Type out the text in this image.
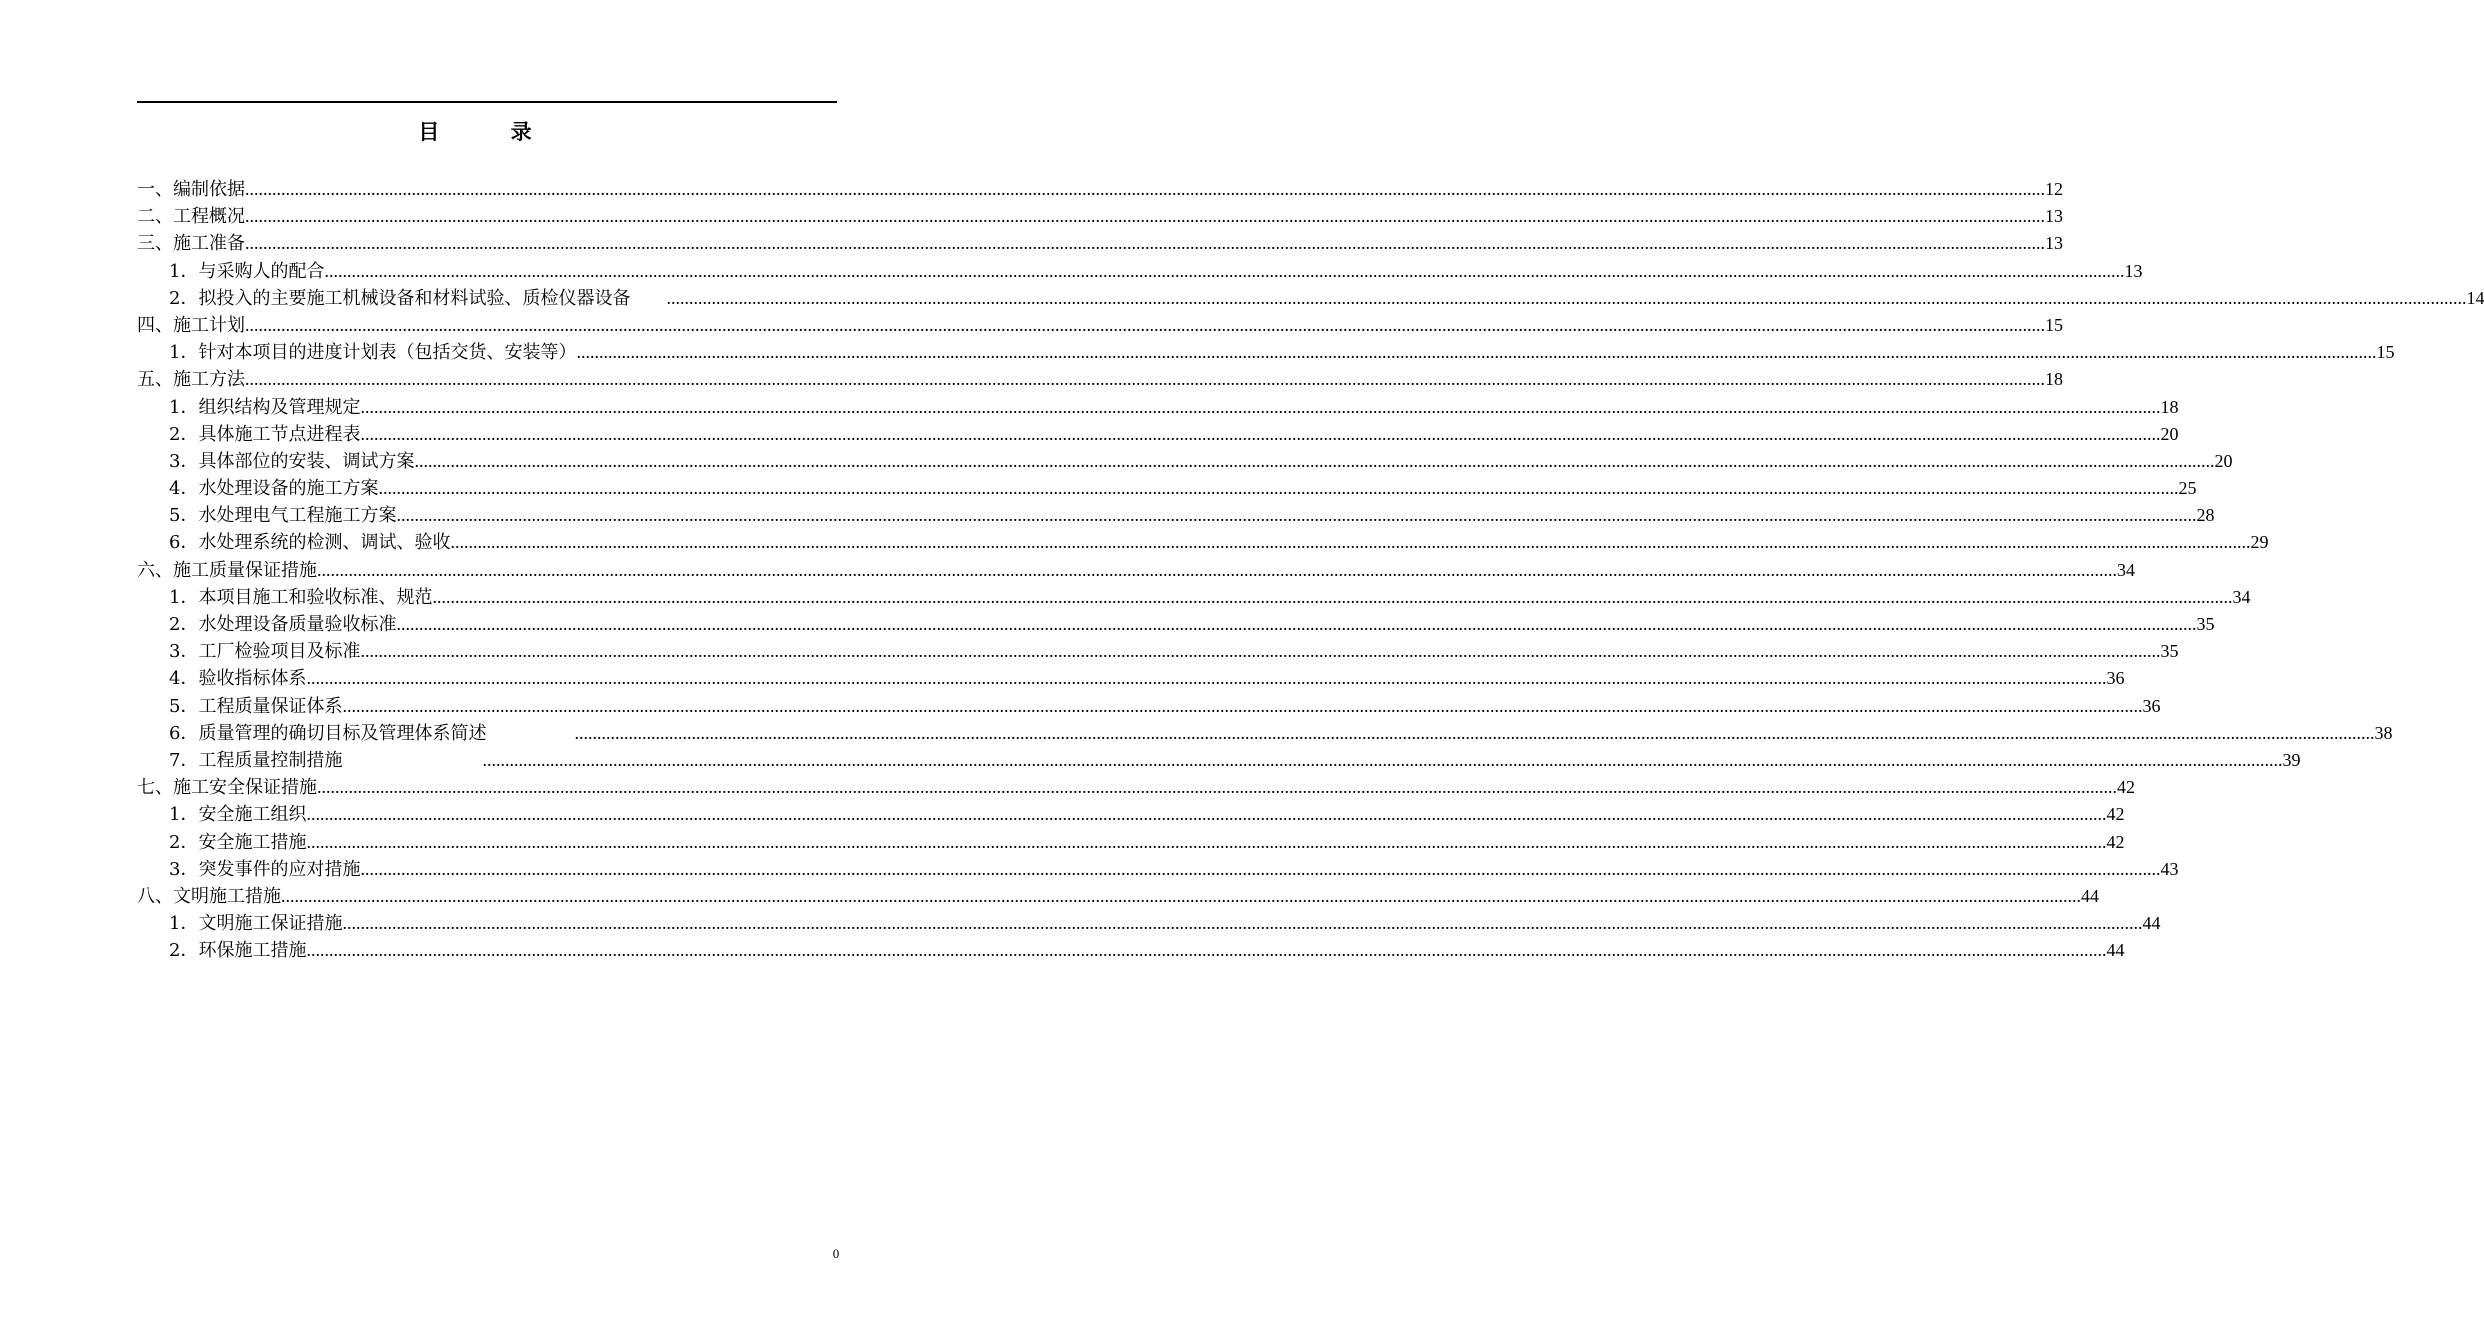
目 录
一、编制依据 ................................................................................................................................................................................................................................................................................................................................................................................................................ 12
二、工程概况 ................................................................................................................................................................................................................................................................................................................................................................................................................ 13
三、施工准备 ................................................................................................................................................................................................................................................................................................................................................................................................................ 13
1．与采购人的配合 ................................................................................................................................................................................................................................................................................................................................................................................................................ 13
2．拟投入的主要施工机械设备和材料试验、质检仪器设备 ................................................................................................................................................................................................................................................................................................................................................................................................................ 14
四、施工计划 ................................................................................................................................................................................................................................................................................................................................................................................................................ 15
1．针对本项目的进度计划表（包括交货、安装等） ................................................................................................................................................................................................................................................................................................................................................................................................................ 15
五、施工方法 ................................................................................................................................................................................................................................................................................................................................................................................................................ 18
1．组织结构及管理规定 ................................................................................................................................................................................................................................................................................................................................................................................................................ 18
2．具体施工节点进程表 ................................................................................................................................................................................................................................................................................................................................................................................................................ 20
3．具体部位的安装、调试方案 ................................................................................................................................................................................................................................................................................................................................................................................................................ 20
4．水处理设备的施工方案 ................................................................................................................................................................................................................................................................................................................................................................................................................ 25
5．水处理电气工程施工方案 ................................................................................................................................................................................................................................................................................................................................................................................................................ 28
6．水处理系统的检测、调试、验收 ................................................................................................................................................................................................................................................................................................................................................................................................................ 29
六、施工质量保证措施 ................................................................................................................................................................................................................................................................................................................................................................................................................ 34
1．本项目施工和验收标准、规范 ................................................................................................................................................................................................................................................................................................................................................................................................................ 34
2．水处理设备质量验收标准 ................................................................................................................................................................................................................................................................................................................................................................................................................ 35
3．工厂检验项目及标准 ................................................................................................................................................................................................................................................................................................................................................................................................................ 35
4．验收指标体系 ................................................................................................................................................................................................................................................................................................................................................................................................................ 36
5．工程质量保证体系 ................................................................................................................................................................................................................................................................................................................................................................................................................ 36
6．质量管理的确切目标及管理体系简述	................................................................................................................................................................................................................................................................................................................................................................................................................ 38
7．工程质量控制措施	................................................................................................................................................................................................................................................................................................................................................................................................................ 39
七、施工安全保证措施 ................................................................................................................................................................................................................................................................................................................................................................................................................ 42
1．安全施工组织 ................................................................................................................................................................................................................................................................................................................................................................................................................ 42
2．安全施工措施 ................................................................................................................................................................................................................................................................................................................................................................................................................ 42
3．突发事件的应对措施 ................................................................................................................................................................................................................................................................................................................................................................................................................ 43
八、文明施工措施 ................................................................................................................................................................................................................................................................................................................................................................................................................ 44
1．文明施工保证措施 ................................................................................................................................................................................................................................................................................................................................................................................................................ 44
2．环保施工措施 ................................................................................................................................................................................................................................................................................................................................................................................................................ 44
0
